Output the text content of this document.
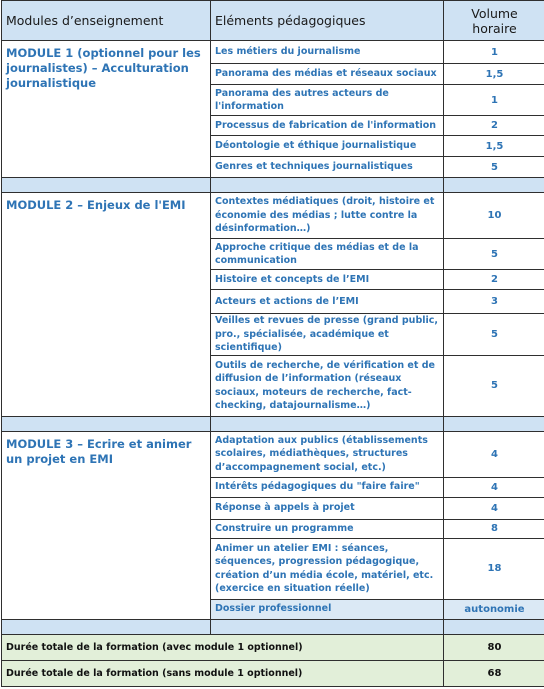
Modules d’enseignement	Eléments pédagogiques	Volume horaire
MODULE 1 (optionnel pour les journalistes) – Acculturation journalistique	Les métiers du journalisme	1
	Panorama des médias et réseaux sociaux	1,5
	Panorama des autres acteurs de l'information	1
	Processus de fabrication de l'information	2
	Déontologie et éthique journalistique	1,5
	Genres et techniques journalistiques	5

MODULE 2 – Enjeux de l'EMI	Contextes médiatiques (droit, histoire et économie des médias ; lutte contre la désinformation…)	10
	Approche critique des médias et de la communication	5
	Histoire et concepts de l’EMI	2
	Acteurs et actions de l’EMI	3
	Veilles et revues de presse (grand public, pro., spécialisée, académique et scientifique)	5
	Outils de recherche, de vérification et de diffusion de l’information (réseaux sociaux, moteurs de recherche, fact-checking, datajournalisme…)	5

MODULE 3 – Ecrire et animer un projet en EMI	Adaptation aux publics (établissements scolaires, médiathèques, structures d’accompagnement social, etc.)	4
	Intérêts pédagogiques du "faire faire"	4
	Réponse à appels à projet	4
	Construire un programme	8
	Animer un atelier EMI : séances, séquences, progression pédagogique, création d’un média école, matériel, etc. (exercice en situation réelle)	18
	Dossier professionnel	autonomie

Durée totale de la formation (avec module 1 optionnel)		80
Durée totale de la formation (sans module 1 optionnel)		68
